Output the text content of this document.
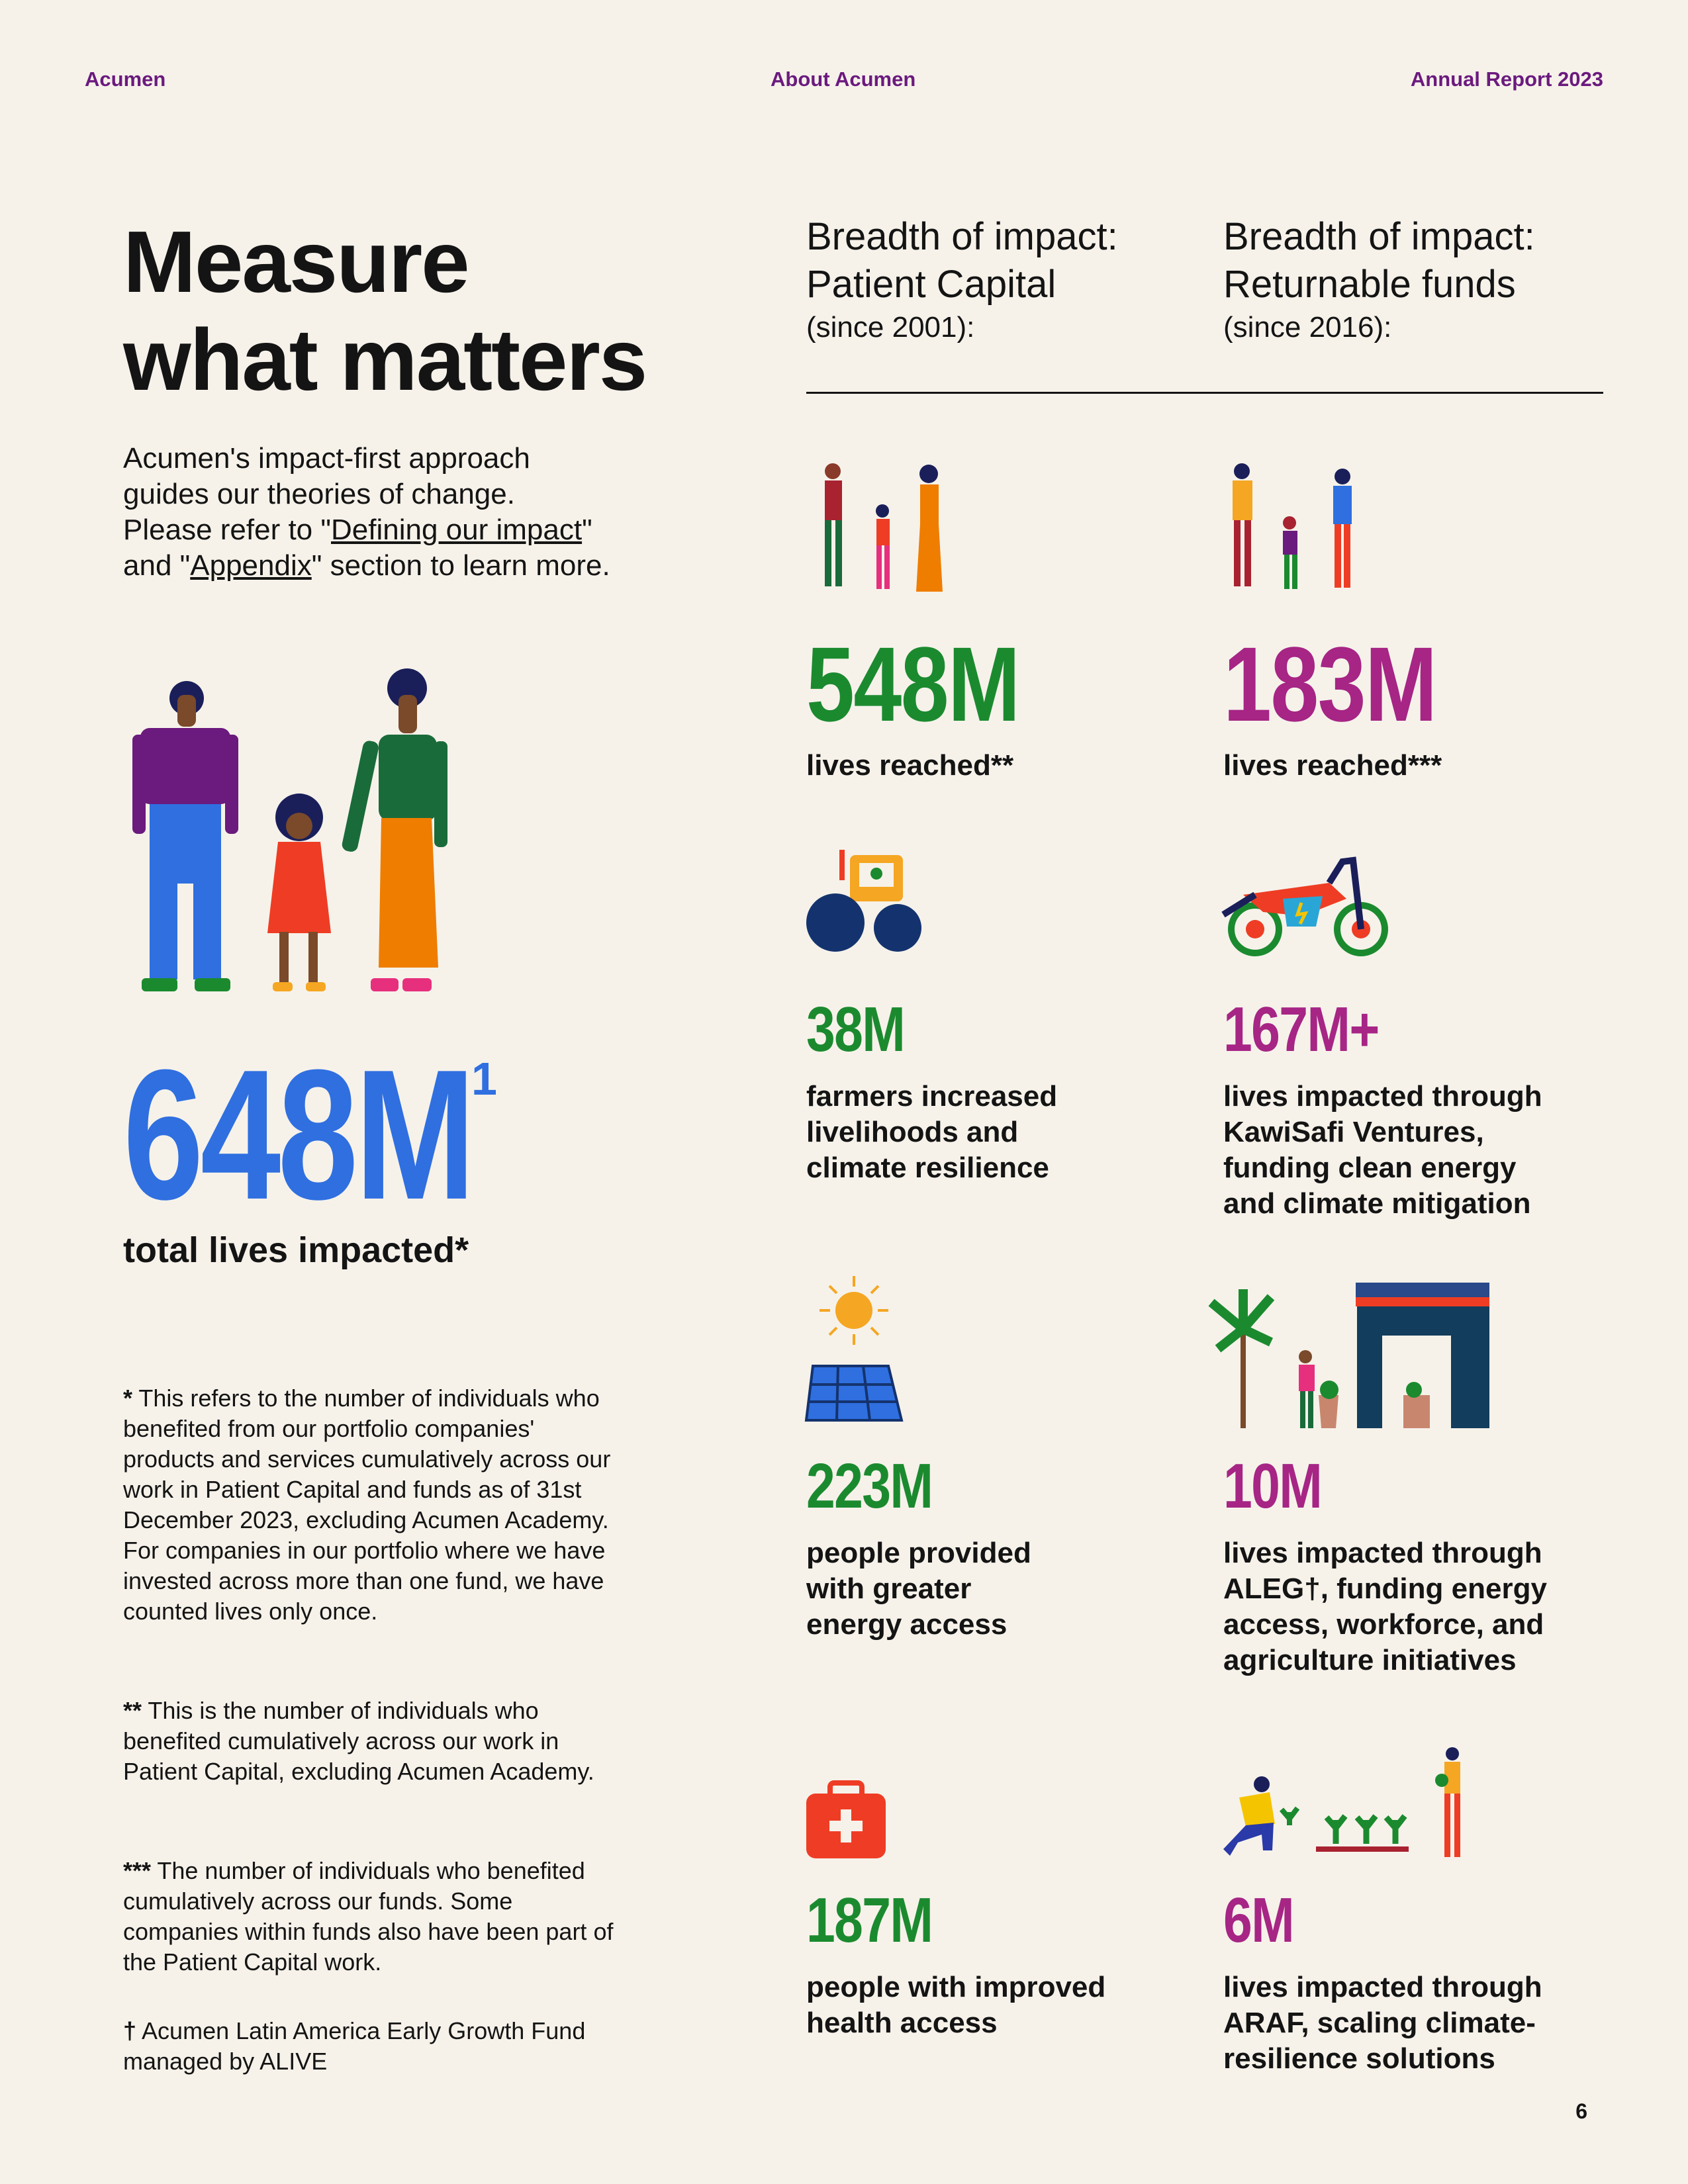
Acumen	About Acumen	Annual Report 2023
Measure
what matters
Acumen's impact-first approach
guides our theories of change.
Please refer to "Defining our impact"
and "Appendix" section to learn more.
648M
1
total lives impacted*
* This refers to the number of individuals who benefited from our portfolio companies' products and services cumulatively across our work in Patient Capital and funds as of 31st December 2023, excluding Acumen Academy. For companies in our portfolio where we have invested across more than one fund, we have counted lives only once.
** This is the number of individuals who benefited cumulatively across our work in Patient Capital, excluding Acumen Academy.
*** The number of individuals who benefited cumulatively across our funds. Some companies within funds also have been part of the Patient Capital work.
† Acumen Latin America Early Growth Fund managed by ALIVE
Breadth of impact:
Patient Capital
(since 2001):
Breadth of impact:
Returnable funds
(since 2016):
548M
lives reached**
183M
lives reached***
38M
farmers increased
livelihoods and
climate resilience
167M+
lives impacted through
KawiSafi Ventures,
funding clean energy
and climate mitigation
223M
people provided
with greater
energy access
10M
lives impacted through
ALEG†, funding energy
access, workforce, and
agriculture initiatives
187M
people with improved
health access
6M
lives impacted through
ARAF, scaling climate-
resilience solutions
6
